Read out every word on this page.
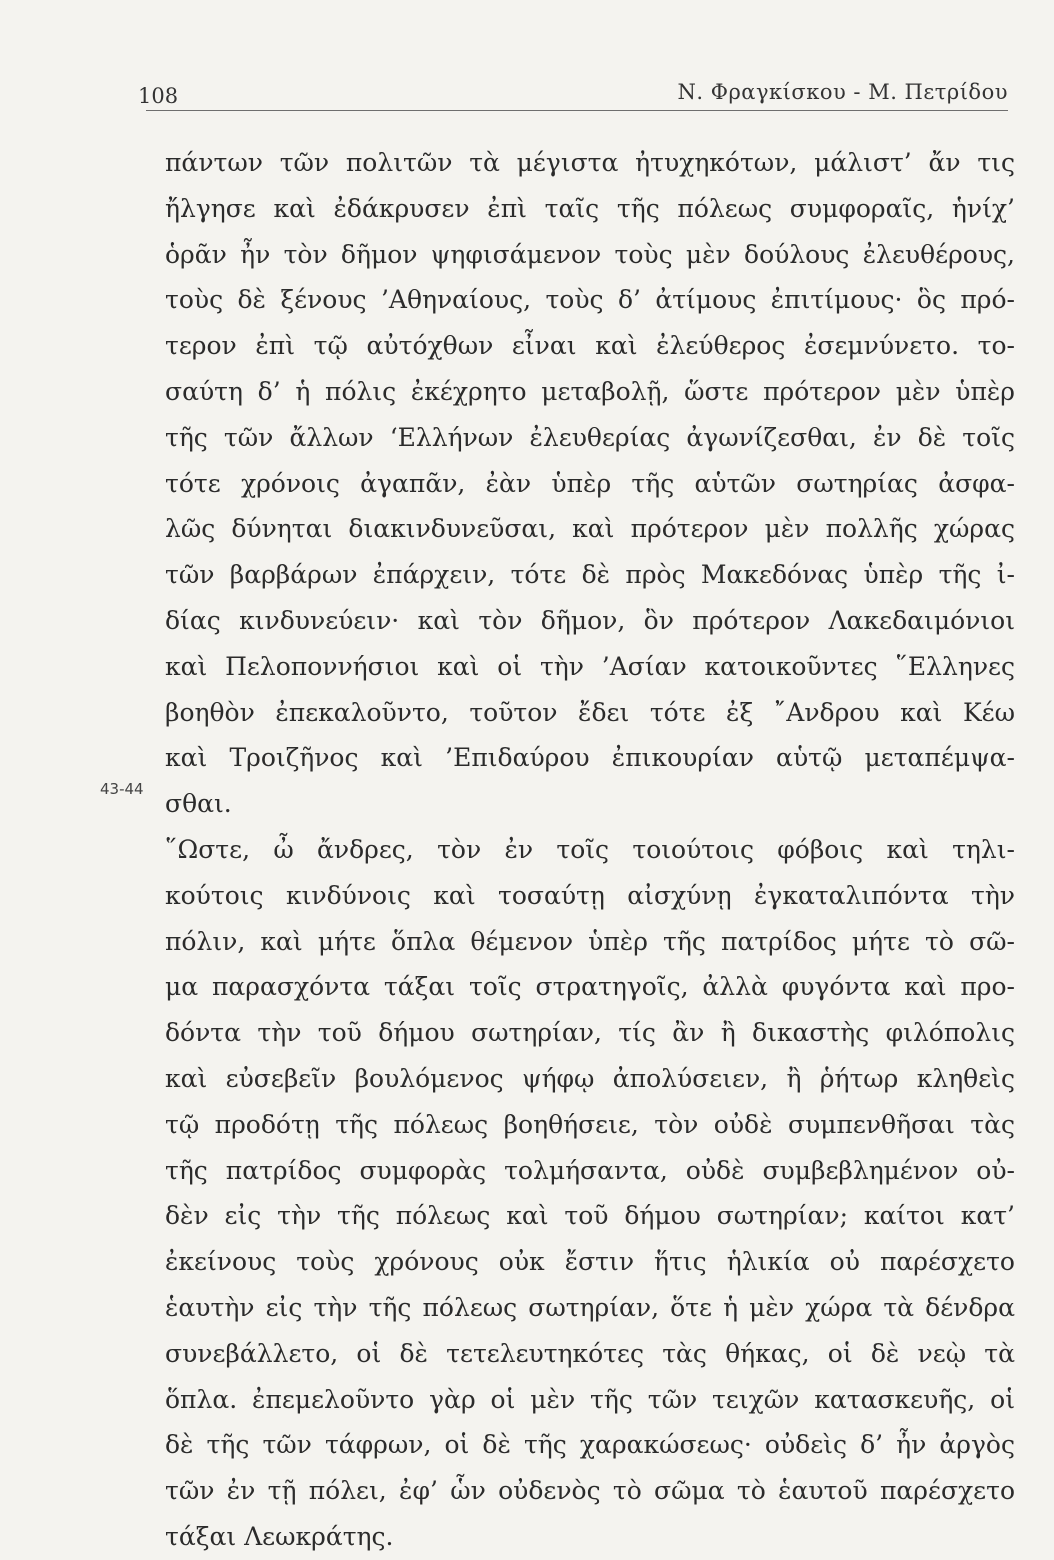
108	Ν. Φραγκίσκου - Μ. Πετρίδου
43-44
πάντων τῶν πολιτῶν τὰ μέγιστα ἠτυχηκότων, μάλιστ’ ἄν τις
ἤλγησε καὶ ἐδάκρυσεν ἐπὶ ταῖς τῆς πόλεως συμφοραῖς, ἡνίχ’
ὁρᾶν ἦν τὸν δῆμον ψηφισάμενον τοὺς μὲν δούλους ἐλευθέρους,
τοὺς δὲ ξένους ’Αθηναίους, τοὺς δ’ ἀτίμους ἐπιτίμους· ὃς πρό-
τερον ἐπὶ τῷ αὐτόχθων εἶναι καὶ ἐλεύθερος ἐσεμνύνετο. το-
σαύτη δ’ ἡ πόλις ἐκέχρητο μεταβολῇ, ὥστε πρότερον μὲν ὑπὲρ
τῆς τῶν ἄλλων ‘Ελλήνων ἐλευθερίας ἀγωνίζεσθαι, ἐν δὲ τοῖς
τότε χρόνοις ἀγαπᾶν, ἐὰν ὑπὲρ τῆς αὑτῶν σωτηρίας ἀσφα-
λῶς δύνηται διακινδυνεῦσαι, καὶ πρότερον μὲν πολλῆς χώρας
τῶν βαρβάρων ἐπάρχειν, τότε δὲ πρὸς Μακεδόνας ὑπὲρ τῆς ἰ-
δίας κινδυνεύειν· καὶ τὸν δῆμον, ὃν πρότερον Λακεδαιμόνιοι
καὶ Πελοποννήσιοι καὶ οἱ τὴν ’Ασίαν κατοικοῦντες ῞Ελληνες
βοηθὸν ἐπεκαλοῦντο, τοῦτον ἔδει τότε ἐξ ῎Ανδρου καὶ Κέω
καὶ Τροιζῆνος καὶ ’Επιδαύρου ἐπικουρίαν αὑτῷ μεταπέμψα-
σθαι.
῞Ωστε, ὦ ἄνδρες, τὸν ἐν τοῖς τοιούτοις φόβοις καὶ τηλι-
κούτοις κινδύνοις καὶ τοσαύτῃ αἰσχύνῃ ἐγκαταλιπόντα τὴν
πόλιν, καὶ μήτε ὅπλα θέμενον ὑπὲρ τῆς πατρίδος μήτε τὸ σῶ-
μα παρασχόντα τάξαι τοῖς στρατηγοῖς, ἀλλὰ φυγόντα καὶ προ-
δόντα τὴν τοῦ δήμου σωτηρίαν, τίς ἂν ἢ δικαστὴς φιλόπολις
καὶ εὐσεβεῖν βουλόμενος ψήφῳ ἀπολύσειεν, ἢ ῥήτωρ κληθεὶς
τῷ προδότῃ τῆς πόλεως βοηθήσειε, τὸν οὐδὲ συμπενθῆσαι τὰς
τῆς πατρίδος συμφορὰς τολμήσαντα, οὐδὲ συμβεβλημένον οὐ-
δὲν εἰς τὴν τῆς πόλεως καὶ τοῦ δήμου σωτηρίαν; καίτοι κατ’
ἐκείνους τοὺς χρόνους οὐκ ἔστιν ἥτις ἡλικία οὐ παρέσχετο
ἑαυτὴν εἰς τὴν τῆς πόλεως σωτηρίαν, ὅτε ἡ μὲν χώρα τὰ δένδρα
συνεβάλλετο, οἱ δὲ τετελευτηκότες τὰς θήκας, οἱ δὲ νεῲ τὰ
ὅπλα. ἐπεμελοῦντο γὰρ οἱ μὲν τῆς τῶν τειχῶν κατασκευῆς, οἱ
δὲ τῆς τῶν τάφρων, οἱ δὲ τῆς χαρακώσεως· οὐδεὶς δ’ ἦν ἀργὸς
τῶν ἐν τῇ πόλει, ἐφ’ ὧν οὐδενὸς τὸ σῶμα τὸ ἑαυτοῦ παρέσχετο
τάξαι Λεωκράτης.
